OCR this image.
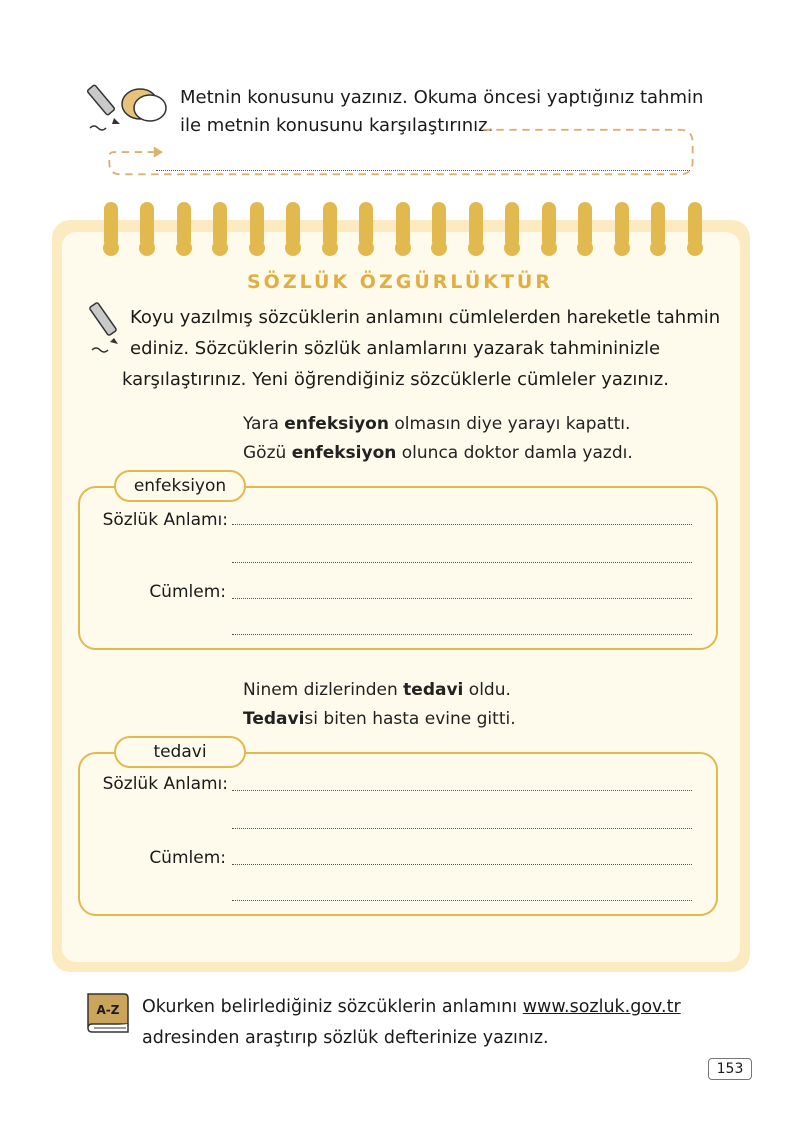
Metnin konusunu yazınız. Okuma öncesi yaptığınız tahmin
ile metnin konusunu karşılaştırınız.
SÖZLÜK ÖZGÜRLÜKTÜR
Koyu yazılmış sözcüklerin anlamını cümlelerden hareketle tahmin
ediniz. Sözcüklerin sözlük anlamlarını yazarak tahmininizle
karşılaştırınız. Yeni öğrendiğiniz sözcüklerle cümleler yazınız.
Yara enfeksiyon olmasın diye yarayı kapattı.
Gözü enfeksiyon olunca doktor damla yazdı.
enfeksiyon
Sözlük Anlamı:
Cümlem:
Ninem dizlerinden tedavi oldu.
Tedavisi biten hasta evine gitti.
tedavi
Sözlük Anlamı:
Cümlem:
A-Z Okurken belirlediğiniz sözcüklerin anlamını www.sozluk.gov.tr
adresinden araştırıp sözlük defterinize yazınız.
153
